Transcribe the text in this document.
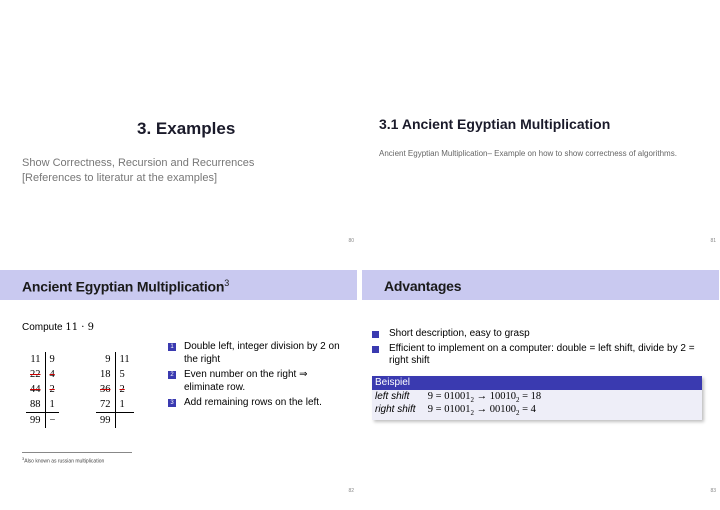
3. Examples
Show Correctness, Recursion and Recurrences
[References to literatur at the examples]
80
3.1 Ancient Egyptian Multiplication
Ancient Egyptian Multiplication– Example on how to show correctness of algorithms.
81
Ancient Egyptian Multiplication$^3$
Compute 11 · 9
11	9
22	4
44	2
88	1
99	−
9	11
18	5
36	2
72	1
99	
1 Double left, integer division by 2 on the right
2 Even number on the right ⇒ eliminate row.
3 Add remaining rows on the left.
$^3$Also known as russian multiplication
82
Advantages
Short description, easy to grasp
Efficient to implement on a computer: double = left shift, divide by 2 = right shift
Beispiel
left shift $9 = 01001_2 \to 10010_2 = 18$
right shift $9 = 01001_2 \to 00100_2 = 4$
83
